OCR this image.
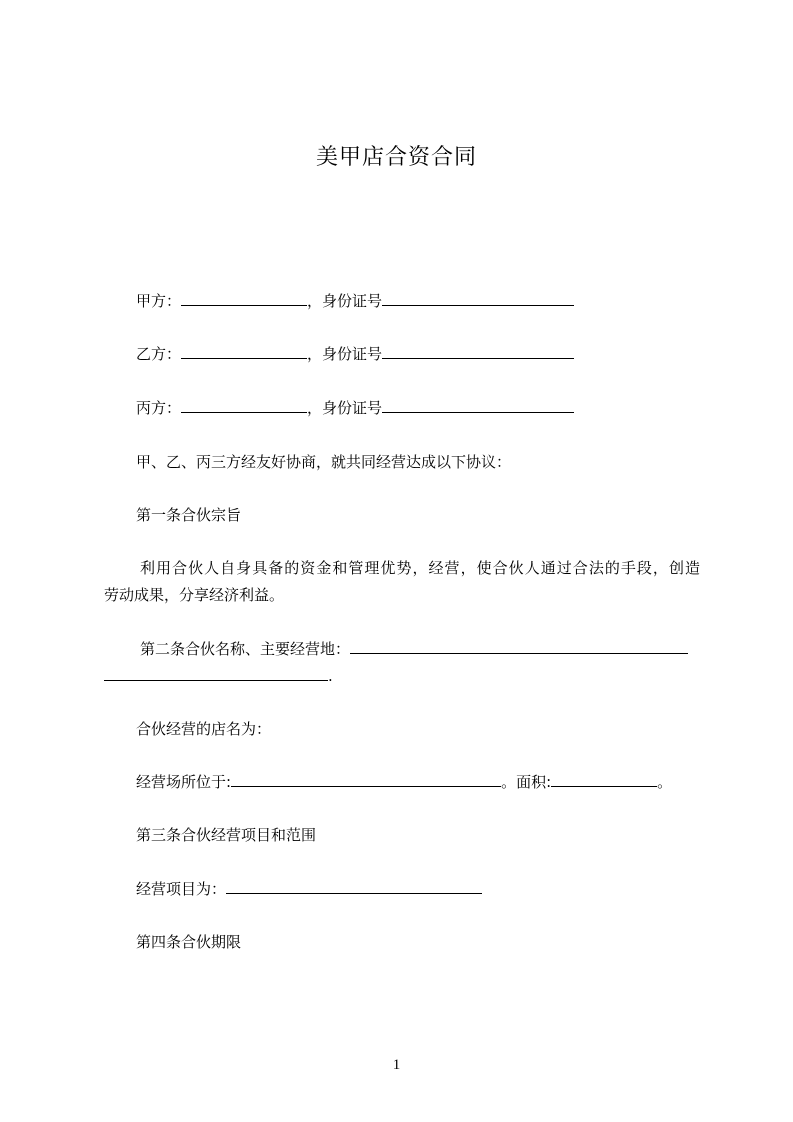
美甲店合资合同
甲方：	，身份证号
乙方：	，身份证号
丙方：	，身份证号
甲、乙、丙三方经友好协商，就共同经营达成以下协议：
第一条合伙宗旨
利用合伙人自身具备的资金和管理优势，经营，使合伙人通过合法的手段，创造
劳动成果，分享经济利益。
第二条合伙名称、主要经营地：
.
合伙经营的店名为：
经营场所位于:	。面积:	。
第三条合伙经营项目和范围
经营项目为：
第四条合伙期限
1
